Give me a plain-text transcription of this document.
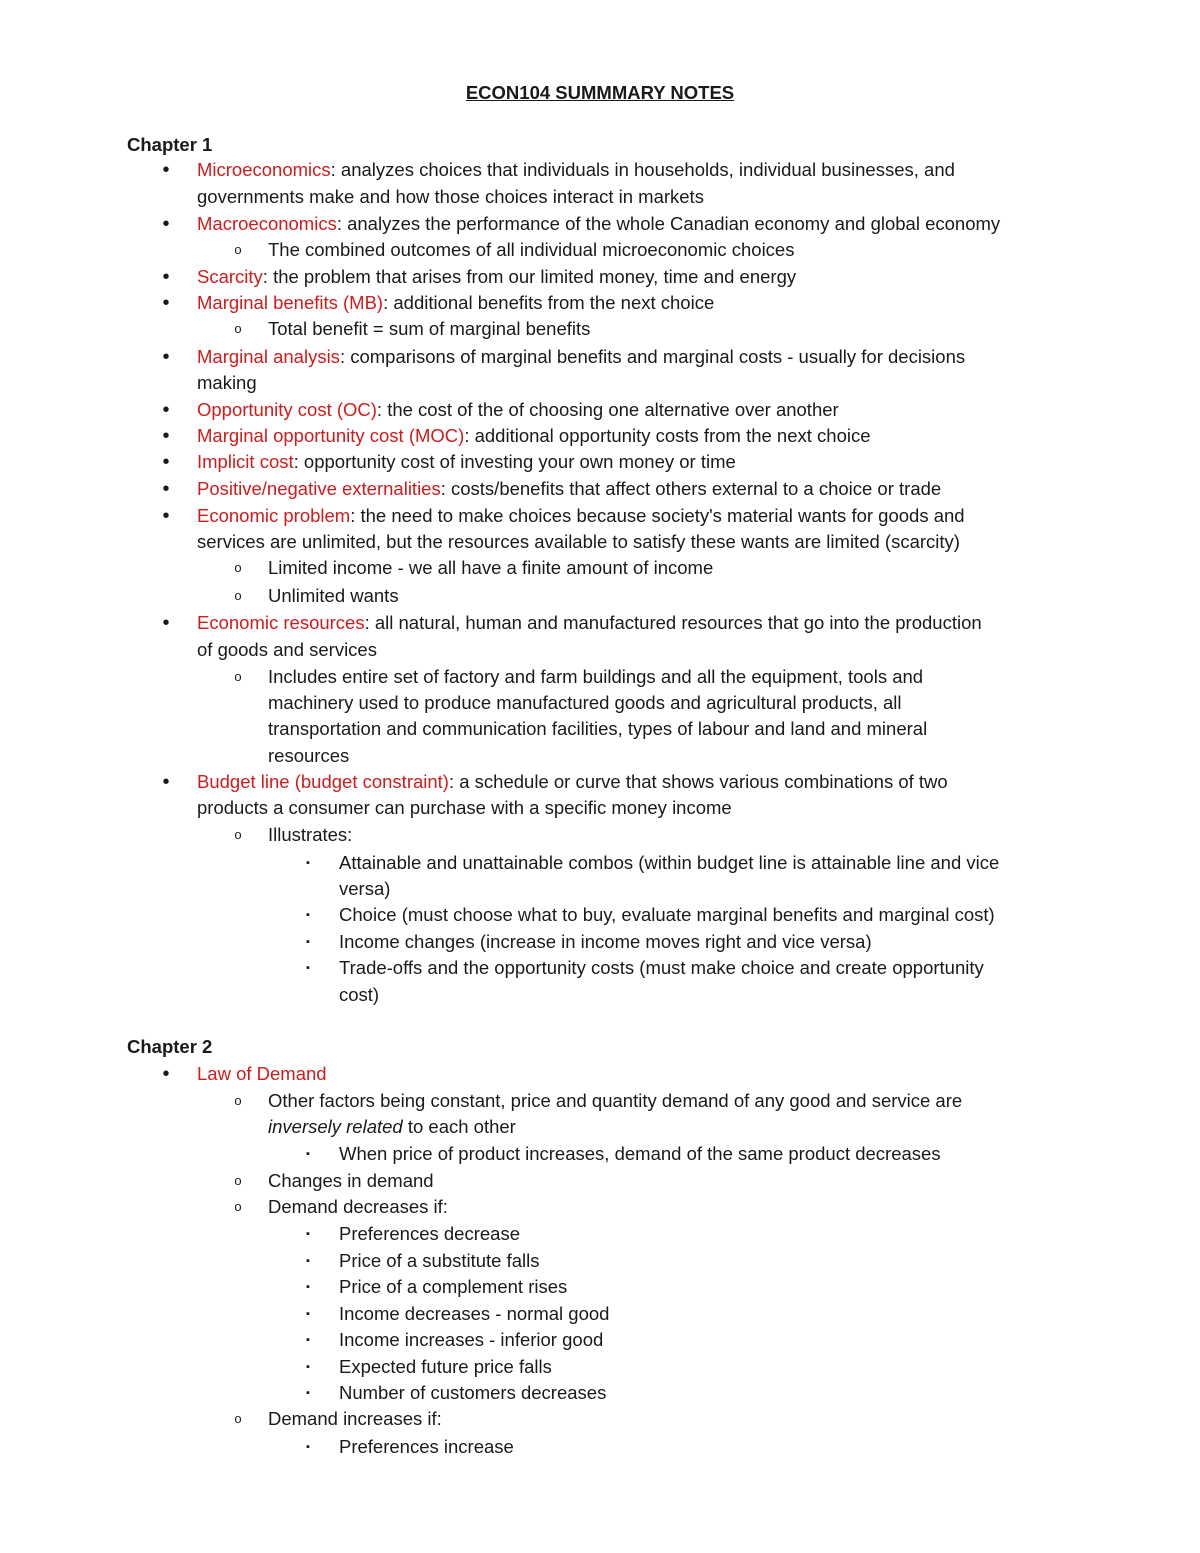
ECON104 SUMMMARY NOTES
Chapter 1
•	Microeconomics: analyzes choices that individuals in households, individual businesses, and
governments make and how those choices interact in markets
•	Macroeconomics: analyzes the performance of the whole Canadian economy and global economy
o	The combined outcomes of all individual microeconomic choices
•	Scarcity: the problem that arises from our limited money, time and energy
•	Marginal benefits (MB): additional benefits from the next choice
o	Total benefit = sum of marginal benefits
•	Marginal analysis: comparisons of marginal benefits and marginal costs - usually for decisions
making
•	Opportunity cost (OC): the cost of the of choosing one alternative over another
•	Marginal opportunity cost (MOC): additional opportunity costs from the next choice
•	Implicit cost: opportunity cost of investing your own money or time
•	Positive/negative externalities: costs/benefits that affect others external to a choice or trade
•	Economic problem: the need to make choices because society's material wants for goods and
services are unlimited, but the resources available to satisfy these wants are limited (scarcity)
o	Limited income - we all have a finite amount of income
o	Unlimited wants
•	Economic resources: all natural, human and manufactured resources that go into the production
of goods and services
o	Includes entire set of factory and farm buildings and all the equipment, tools and
machinery used to produce manufactured goods and agricultural products, all
transportation and communication facilities, types of labour and land and mineral
resources
•	Budget line (budget constraint): a schedule or curve that shows various combinations of two
products a consumer can purchase with a specific money income
o	Illustrates:
▪	Attainable and unattainable combos (within budget line is attainable line and vice
versa)
▪	Choice (must choose what to buy, evaluate marginal benefits and marginal cost)
▪	Income changes (increase in income moves right and vice versa)
▪	Trade-offs and the opportunity costs (must make choice and create opportunity
cost)
Chapter 2
•	Law of Demand
o	Other factors being constant, price and quantity demand of any good and service are
inversely related to each other
▪	When price of product increases, demand of the same product decreases
o	Changes in demand
o	Demand decreases if:
▪	Preferences decrease
▪	Price of a substitute falls
▪	Price of a complement rises
▪	Income decreases - normal good
▪	Income increases - inferior good
▪	Expected future price falls
▪	Number of customers decreases
o	Demand increases if:
▪	Preferences increase
